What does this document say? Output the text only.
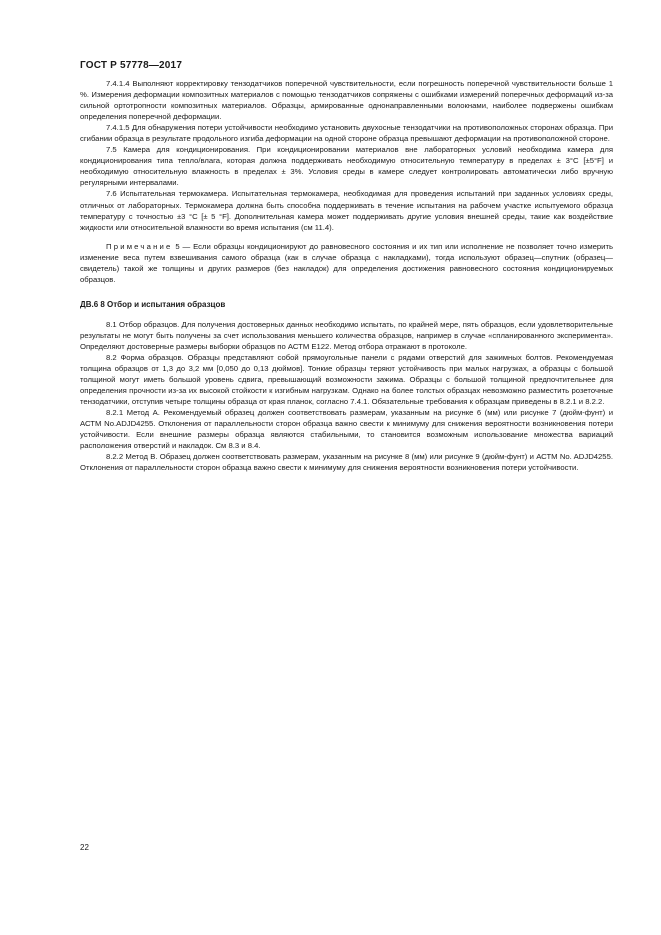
ГОСТ Р 57778—2017

7.4.1.4 Выполняют корректировку тензодатчиков поперечной чувствительности, если погрешность поперечной чувствительности больше 1 %. Измерения деформации композитных материалов с помощью тензодатчиков сопряжены с ошибками измерений поперечных деформаций из-за сильной ортотропности композитных материалов. Образцы, армированные однонаправленными волокнами, наиболее подвержены ошибкам определения поперечной деформации.

7.4.1.5 Для обнаружения потери устойчивости необходимо установить двухосные тензодатчики на противоположных сторонах образца. При сгибании образца в результате продольного изгиба деформации на одной стороне образца превышают деформации на противоположной стороне.

7.5 Камера для кондиционирования. При кондиционировании материалов вне лабораторных условий необходима камера для кондиционирования типа тепло/влага, которая должна поддерживать необходимую относительную температуру в пределах ± 3°С [±5°F] и необходимую относительную влажность в пределах ± 3%. Условия среды в камере следует контролировать автоматически либо вручную регулярными интервалами.

7.6 Испытательная термокамера. Испытательная термокамера, необходимая для проведения испытаний при заданных условиях среды, отличных от лабораторных. Термокамера должна быть способна поддерживать в течение испытания на рабочем участке испытуемого образца температуру с точностью ±3 °С [± 5 °F]. Дополнительная камера может поддерживать другие условия внешней среды, такие как воздействие жидкости или относительной влажности во время испытания (см 11.4).

Примечание 5 — Если образцы кондиционируют до равновесного состояния и их тип или исполнение не позволяет точно измерить изменение веса путем взвешивания самого образца (как в случае образца с накладками), тогда используют образец—спутник (образец—свидетель) такой же толщины и других размеров (без накладок) для определения достижения равновесного состояния кондиционируемых образцов.

ДВ.6 8 Отбор и испытания образцов

8.1 Отбор образцов. Для получения достоверных данных необходимо испытать, по крайней мере, пять образцов, если удовлетворительные результаты не могут быть получены за счет использования меньшего количества образцов, например в случае «спланированного эксперимента». Определяют достоверные размеры выборки образцов по АСТМ Е122. Метод отбора отражают в протоколе.

8.2 Форма образцов. Образцы представляют собой прямоугольные панели с рядами отверстий для зажимных болтов. Рекомендуемая толщина образцов от 1,3 до 3,2 мм [0,050 до 0,13 дюймов]. Тонкие образцы теряют устойчивость при малых нагрузках, а образцы с большой толщиной могут иметь большой уровень сдвига, превышающий возможности зажима. Образцы с большой толщиной предпочтительнее для определения прочности из-за их высокой стойкости к изгибным нагрузкам. Однако на более толстых образцах невозможно разместить розеточные тензодатчики, отступив четыре толщины образца от края планок, согласно 7.4.1. Обязательные требования к образцам приведены в 8.2.1 и 8.2.2.

8.2.1 Метод А. Рекомендуемый образец должен соответствовать размерам, указанным на рисунке 6 (мм) или рисунке 7 (дюйм-фунт) и АСТМ No.ADJD4255. Отклонения от параллельности сторон образца важно свести к минимуму для снижения вероятности возникновения потери устойчивости. Если внешние размеры образца являются стабильными, то становится возможным использование множества вариаций расположения отверстий и накладок. См 8.3 и 8.4.

8.2.2 Метод В. Образец должен соответствовать размерам, указанным на рисунке 8 (мм) или рисунке 9 (дюйм-фунт) и АСТМ No. ADJD4255. Отклонения от параллельности сторон образца важно свести к минимуму для снижения вероятности возникновения потери устойчивости.

22
